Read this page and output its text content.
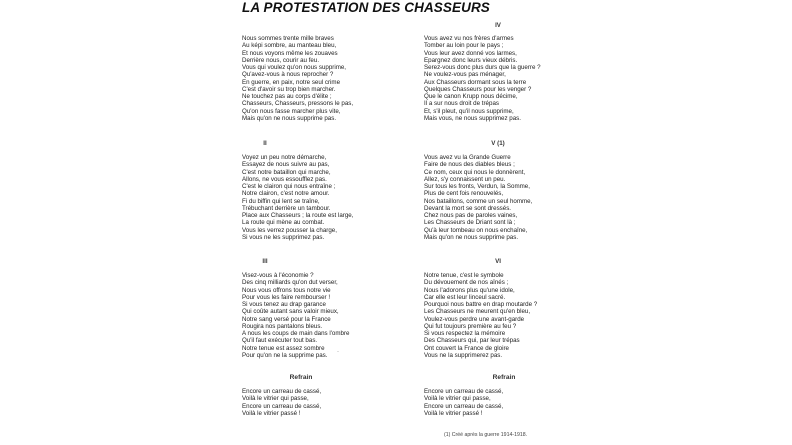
LA PROTESTATION DES CHASSEURS
Nous sommes trente mille braves
Au képi sombre, au manteau bleu,
Et nous voyons même les zouaves
Derrière nous, courir au feu.
Vous qui voulez qu'on nous supprime,
Qu'avez-vous à nous reprocher ?
En guerre, en paix, notre seul crime
C'est d'avoir su trop bien marcher.
Ne touchez pas au corps d'élite ;
Chasseurs, Chasseurs, pressons le pas,
Qu'on nous fasse marcher plus vite,
Mais qu'on ne nous supprime pas.
II
Voyez un peu notre démarche,
Essayez de nous suivre au pas,
C'est notre bataillon qui marche,
Allons, ne vous essoufflez pas.
C'est le clairon qui nous entraîne ;
Notre clairon, c'est notre amour.
Fi du biffin qui lent se traîne,
Trébuchant derrière un tambour.
Place aux Chasseurs ; la route est large,
La route qui mène au combat.
Vous les verrez pousser la charge,
Si vous ne les supprimez pas.
III
Visez-vous à l'économie ?
Des cinq milliards qu'on dut verser,
Nous vous offrons tous notre vie
Pour vous les faire rembourser !
Si vous tenez au drap garance
Qui coûte autant sans valoir mieux,
Notre sang versé pour la France
Rougira nos pantalons bleus.
A nous les coups de main dans l'ombre
Qu'il faut exécuter tout bas.
Notre tenue est assez sombre
Pour qu'on ne la supprime pas.	·
Refrain
Encore un carreau de cassé,
Voilà le vitrier qui passe,
Encore un carreau de cassé,
Voilà le vitrier passé !
IV
Vous avez vu nos frères d'armes
Tomber au loin pour le pays ;
Vous leur avez donné vos larmes,
Epargnez donc leurs vieux débris.
Serez-vous donc plus durs que la guerre ?
Ne voulez-vous pas ménager,
Aux Chasseurs dormant sous la terre
Quelques Chasseurs pour les venger ?
Que le canon Krupp nous décime,
Il a sur nous droit de trépas
Et, s'il pleut, qu'il nous supprime,
Mais vous, ne nous supprimez pas.
V (1)
Vous avez vu la Grande Guerre
Faire de nous des diables bleus ;
Ce nom, ceux qui nous le donnèrent,
Allez, s'y connaissent un peu.
Sur tous les fronts, Verdun, la Somme,
Plus de cent fois renouvelés,
Nos bataillons, comme un seul homme,
Devant la mort se sont dressés.
Chez nous pas de paroles vaines,
Les Chasseurs de Driant sont là ;
Qu'à leur tombeau on nous enchaîne,
Mais qu'on ne nous supprime pas.
VI
Notre tenue, c'est le symbole
Du dévouement de nos aînés ;
Nous l'adorons plus qu'une idole,
Car elle est leur linceul sacré.
Pourquoi nous battre en drap moutarde ?
Les Chasseurs ne meurent qu'en bleu,
Voulez-vous perdre une avant-garde
Qui fut toujours première au feu ?
Si vous respectez la mémoire
Des Chasseurs qui, par leur trépas
Ont couvert la France de gloire
Vous ne la supprimerez pas.
Refrain
Encore un carreau de cassé,
Voilà le vitrier qui passe,
Encore un carreau de cassé,
Voilà le vitrier passé !
(1) Créé après la guerre 1914-1918.
